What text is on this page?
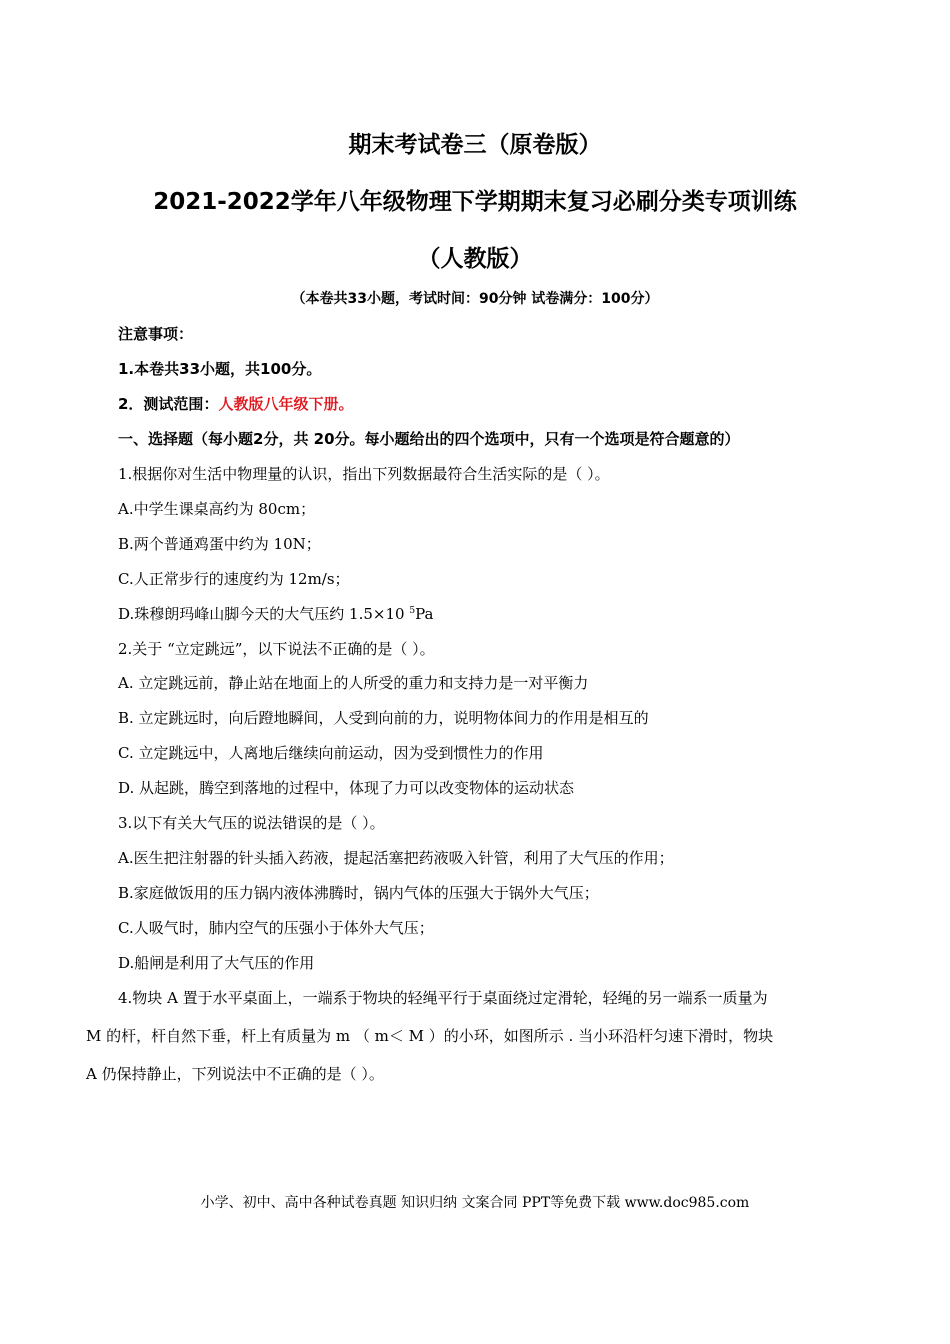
期末考试卷三（原卷版）
2021-2022学年八年级物理下学期期末复习必刷分类专项训练
（人教版）
（本卷共33小题，考试时间：90分钟 试卷满分：100分）
注意事项：
1.本卷共33小题，共100分。
2．测试范围：人教版八年级下册。
一、选择题（每小题2分，共 20分。每小题给出的四个选项中，只有一个选项是符合题意的）
1.根据你对生活中物理量的认识，指出下列数据最符合生活实际的是（ ）。
A.中学生课桌高约为 80cm；
B.两个普通鸡蛋中约为 10N；
C.人正常步行的速度约为 12m/s；
D.珠穆朗玛峰山脚今天的大气压约 1.5×10 $^5$Pa
2.关于 “立定跳远”，以下说法不正确的是（ ）。
A. 立定跳远前，静止站在地面上的人所受的重力和支持力是一对平衡力
B. 立定跳远时，向后蹬地瞬间，人受到向前的力，说明物体间力的作用是相互的
C. 立定跳远中，人离地后继续向前运动，因为受到惯性力的作用
D. 从起跳，腾空到落地的过程中，体现了力可以改变物体的运动状态
3.以下有关大气压的说法错误的是（ ）。
A.医生把注射器的针头插入药液，提起活塞把药液吸入针管，利用了大气压的作用；
B.家庭做饭用的压力锅内液体沸腾时，锅内气体的压强大于锅外大气压；
C.人吸气时，肺内空气的压强小于体外大气压；
D.船闸是利用了大气压的作用
4.物块 A 置于水平桌面上，一端系于物块的轻绳平行于桌面绕过定滑轮，轻绳的另一端系一质量为
M 的杆，杆自然下垂，杆上有质量为 m （ m＜ M ）的小环，如图所示 . 当小环沿杆匀速下滑时，物块
A 仍保持静止，下列说法中不正确的是（ ）。
小学、初中、高中各种试卷真题 知识归纳 文案合同 PPT等免费下载 www.doc985.com
